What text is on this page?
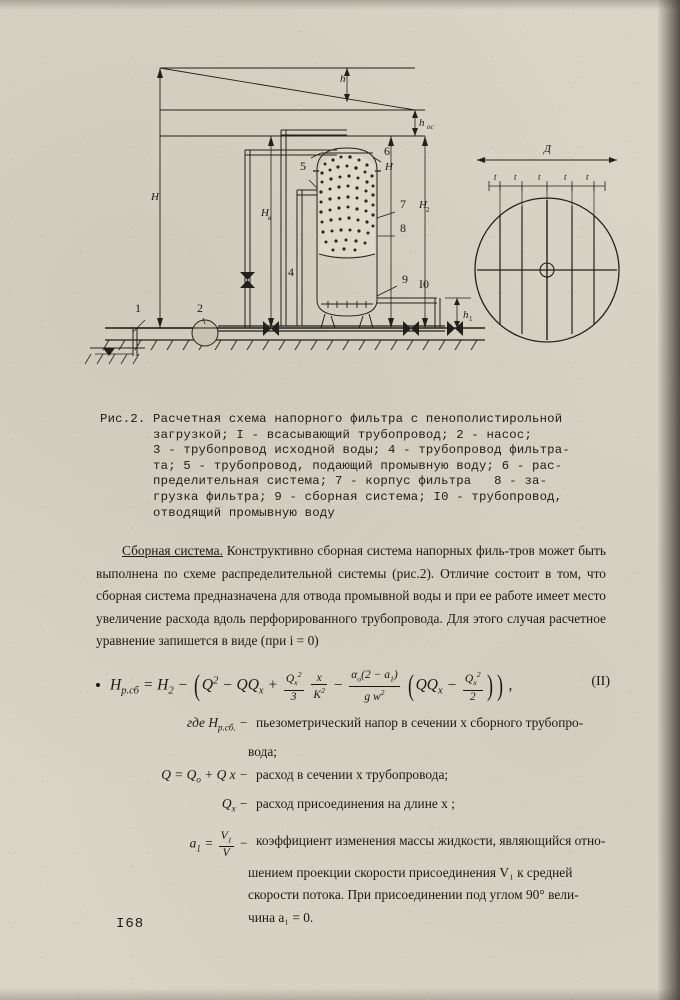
h
h ос
H
H в
H
H 2
h 1
Д
t t t	t t
1	2
4
5
6
7
8
9 I0
Рис.2. Расчетная схема напорного фильтра с пенополистирольной
загрузкой; I - всасывающий трубопровод; 2 - насос;
3 - трубопровод исходной воды; 4 - трубопровод фильтра-
та; 5 - трубопровод, подающий промывную воду; 6 - рас-
пределительная система; 7 - корпус фильтра   8 - за-
грузка фильтра; 9 - сборная система; I0 - трубопровод,
отводящий промывную воду

Сборная система. Конструктивно сборная система напорных филь-тров может быть выполнена по схеме распределительной системы (рис.2). Отличие состоит в том, что сборная система предназначена для отвода промывной воды и при ее работе имеет место увеличение расхода вдоль перфорированного трубопровода. Для этого случая расчетное уравнение запишется в виде (при i = 0)

$H_{р.сб} = H_2$ − ( $Q^2 - QQ_x + \frac{Q_x^2}{3}$
$\frac{x}{K^2} - \frac{\alpha_o(2 - a_1)}{g w^2}$ ( $QQ_x - \frac{Q_x^2}{2}$ ) ) ,	(II)
где $H_{р.сб.}$ − пьезометрический напор в сечении x сборного трубопро-
вода;
$Q = Q_o + Q$ x − расход в сечении x трубопровода;
$Q_x$ − расход присоединения на длине x ;
$a_1 = \frac{V_1}{V}$ − коэффициент изменения массы жидкости, являющийся отно-
шением проекции скорости присоединения V₁ к средней
скорости потока. При присоединении под углом 90° вели-
чина a₁ = 0.
I68
